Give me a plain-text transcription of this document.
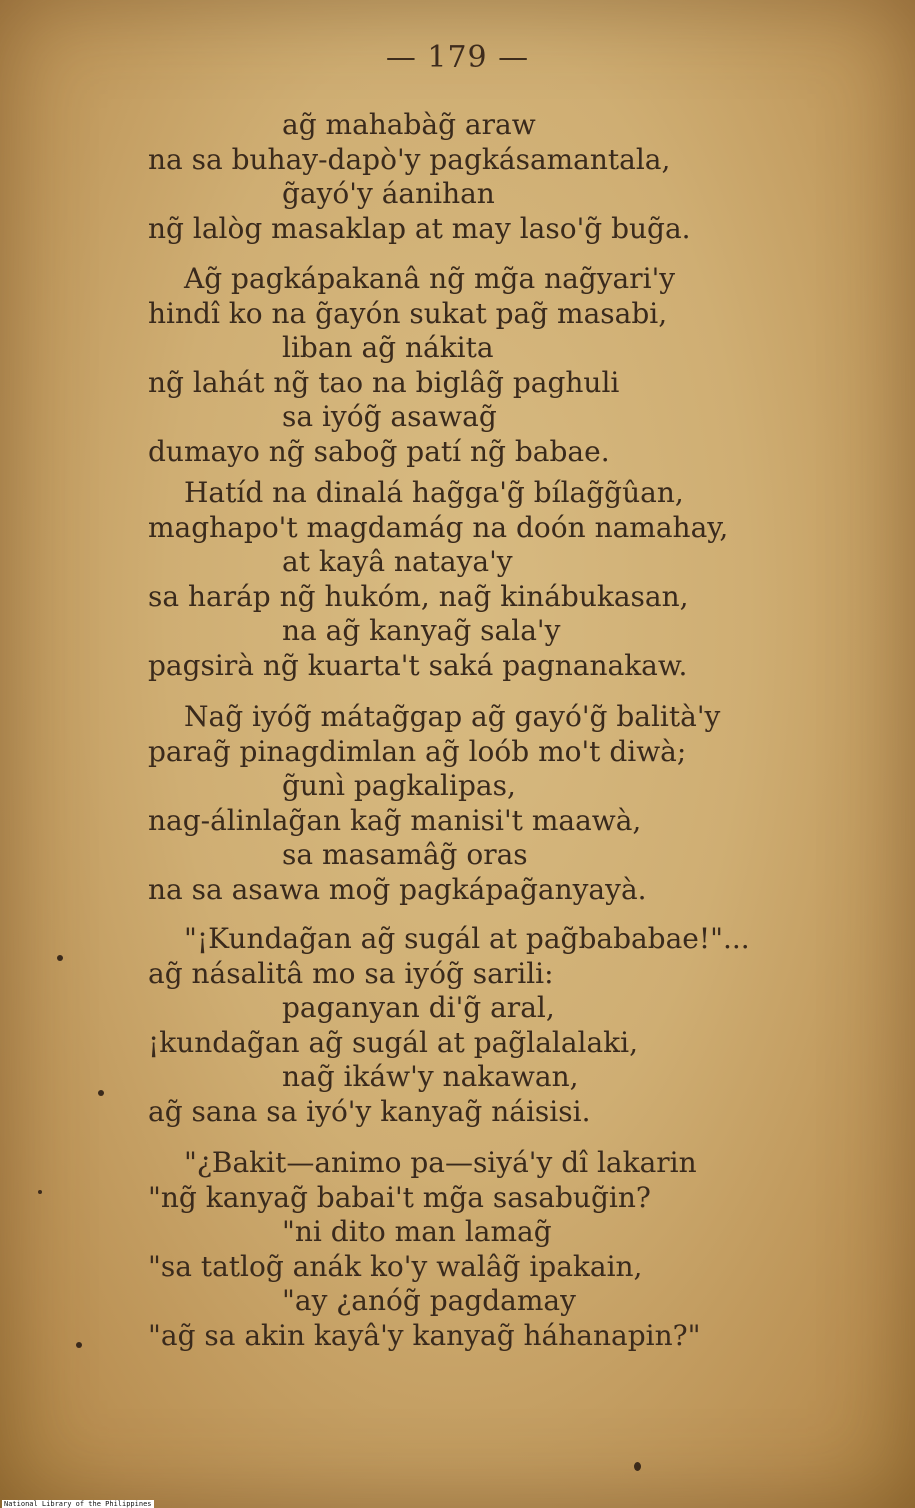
— 179 —
ag̃ mahabàg̃ araw
na sa buhay-dapò'y pagkásamantala,
g̃ayó'y áanihan
ng̃ lalòg masaklap at may laso'g̃ bug̃a.
Ag̃ pagkápakanâ ng̃ mg̃a nag̃yari'y
hindî ko na g̃ayón sukat pag̃ masabi,
liban ag̃ nákita
ng̃ lahát ng̃ tao na biglâg̃ paghuli
sa iyóg̃ asawag̃
dumayo ng̃ sabog̃ patí ng̃ babae.
Hatíd na dinalá hag̃ga'g̃ bílag̃g̃ûan,
maghapo't magdamág na doón namahay,
at kayâ nataya'y
sa haráp ng̃ hukóm, nag̃ kinábukasan,
na ag̃ kanyag̃ sala'y
pagsirà ng̃ kuarta't saká pagnanakaw.
Nag̃ iyóg̃ mátag̃gap ag̃ gayó'g̃ balità'y
parag̃ pinagdimlan ag̃ loób mo't diwà;
g̃unì pagkalipas,
nag-álinlag̃an kag̃ manisi't maawà,
sa masamâg̃ oras
na sa asawa mog̃ pagkápag̃anyayà.
"¡Kundag̃an ag̃ sugál at pag̃bababae!"...
ag̃ násalitâ mo sa iyóg̃ sarili:
paganyan di'g̃ aral,
¡kundag̃an ag̃ sugál at pag̃lalalaki,
nag̃ ikáw'y nakawan,
ag̃ sana sa iyó'y kanyag̃ náisisi.
"¿Bakit—animo pa—siyá'y dî lakarin
"ng̃ kanyag̃ babai't mg̃a sasabug̃in?
"ni dito man lamag̃
"sa tatlog̃ anák ko'y walâg̃ ipakain,
"ay ¿anóg̃ pagdamay
"ag̃ sa akin kayâ'y kanyag̃ háhanapin?"
National Library of the Philippines
